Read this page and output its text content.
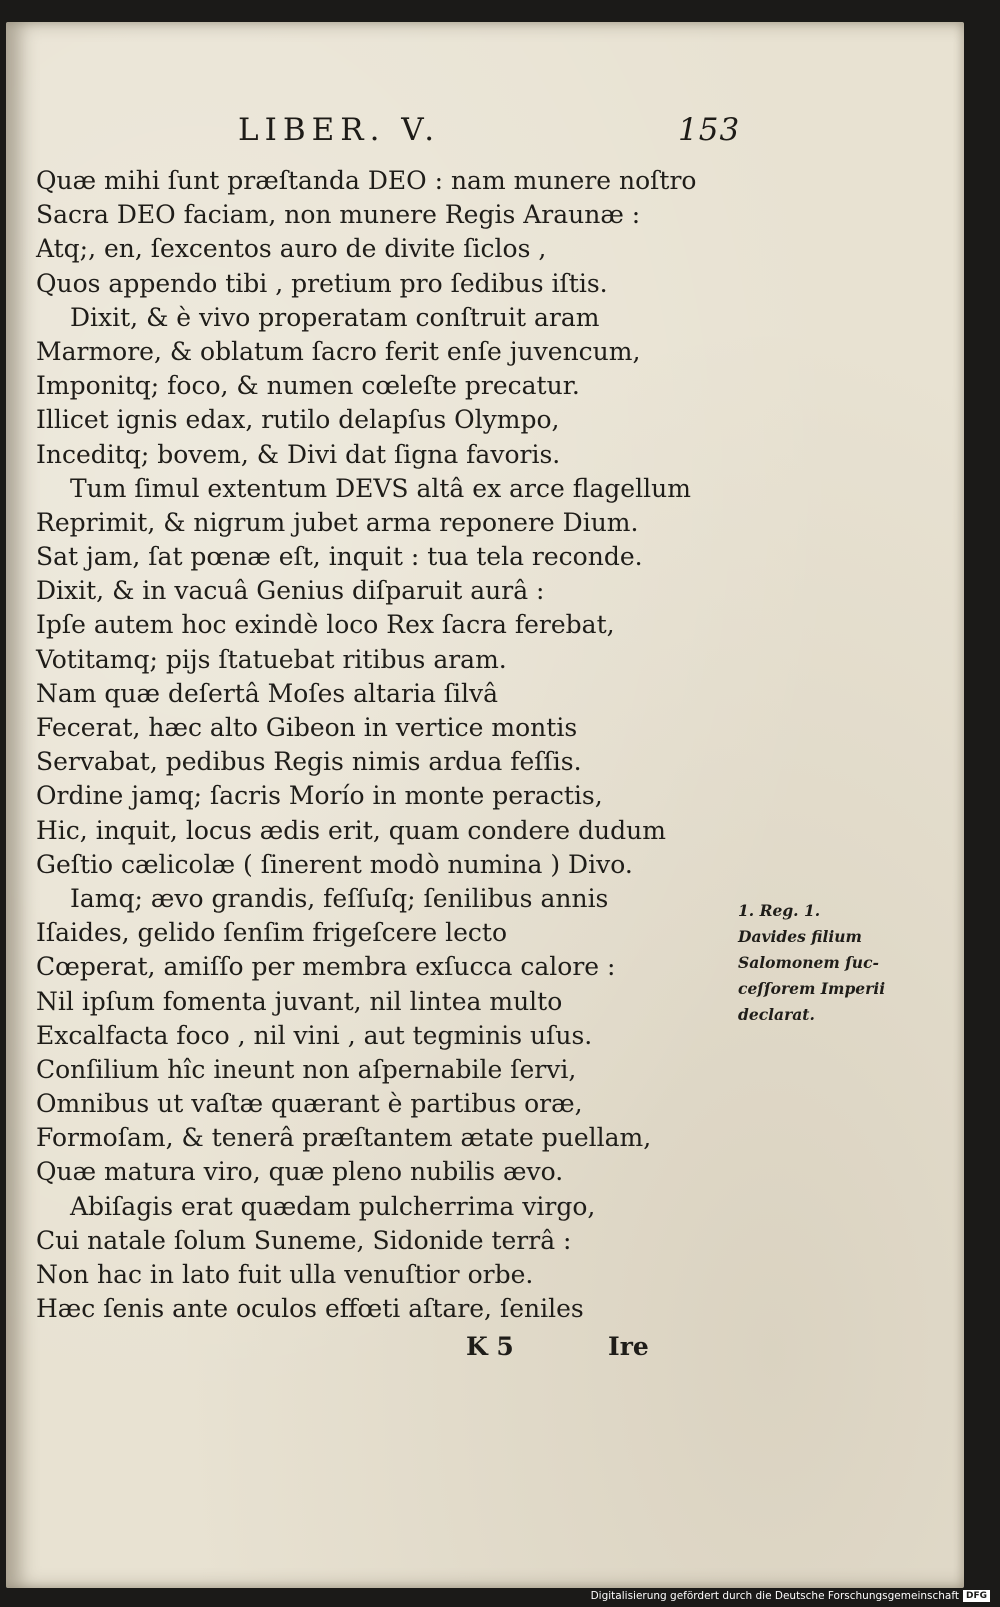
LIBER. V.	153
Quæ mihi ſunt præſtanda DEO : nam munere noſtro
Sacra DEO faciam, non munere Regis Araunæ :
Atq;, en, ſexcentos auro de divite ſiclos ,
Quos appendo tibi , pretium pro ſedibus iſtis.
Dixit, & è vivo properatam conſtruit aram
Marmore, & oblatum ſacro ferit enſe juvencum,
Imponitq; foco, & numen cœleſte precatur.
Illicet ignis edax, rutilo delapſus Olympo,
Inceditq; bovem, & Divi dat ſigna favoris.
Tum ſimul extentum DEVS altâ ex arce flagellum
Reprimit, & nigrum jubet arma reponere Dium.
Sat jam, ſat pœnæ eſt, inquit : tua tela reconde.
Dixit, & in vacuâ Genius diſparuit aurâ :
Ipſe autem hoc exindè loco Rex ſacra ferebat,
Votitamq; pijs ſtatuebat ritibus aram.
Nam quæ deſertâ Moſes altaria ſilvâ
Fecerat, hæc alto Gibeon in vertice montis
Servabat, pedibus Regis nimis ardua feſſis.
Ordine jamq; ſacris Morío in monte peractis,
Hic, inquit, locus ædis erit, quam condere dudum
Geſtio cælicolæ ( ſinerent modò numina ) Divo.
Iamq; ævo grandis, feſſuſq; ſenilibus annis
Iſaides, gelido ſenſim frigeſcere lecto
Cœperat, amiſſo per membra exſucca calore :
Nil ipſum fomenta juvant, nil lintea multo
Excalfacta foco , nil vini , aut tegminis uſus.
Conſilium hîc ineunt non aſpernabile ſervi,
Omnibus ut vaſtæ quærant è partibus oræ,
Formoſam, & tenerâ præſtantem ætate puellam,
Quæ matura viro, quæ pleno nubilis ævo.
Abiſagis erat quædam pulcherrima virgo,
Cui natale ſolum Suneme, Sidonide terrâ :
Non hac in lato fuit ulla venuſtior orbe.
Hæc ſenis ante oculos effœti aſtare, ſeniles
1. Reg. 1.
Davides filium
Salomonem ſuc-
ceſſorem Imperii
declarat.
K 5	Ire
Digitalisierung gefördert durch die Deutsche Forschungsgemeinschaft DFG
